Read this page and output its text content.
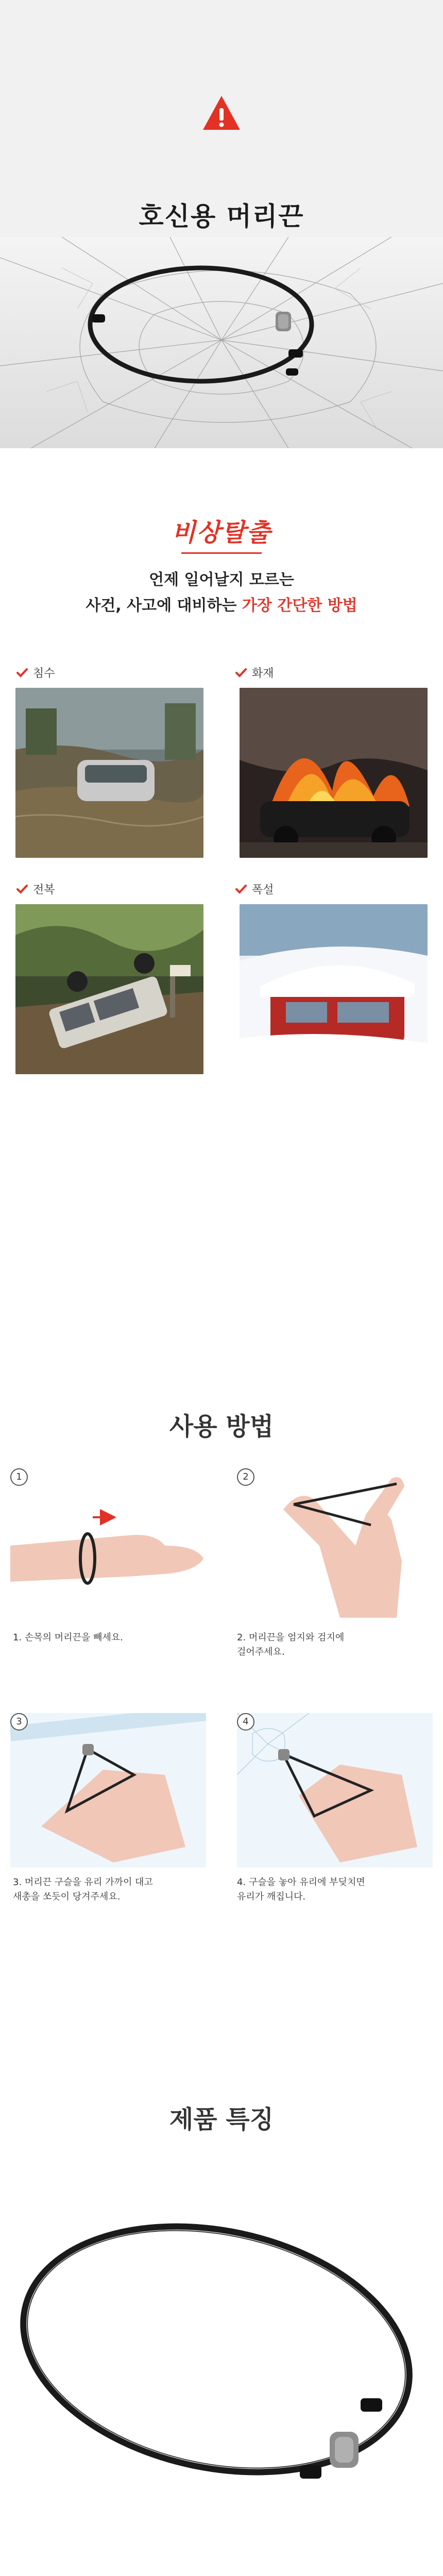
호신용 머리끈
비상탈출
언제 일어날지 모르는
사건, 사고에 대비하는 가장 간단한 방법
침수	화재
전복	폭설
사용 방법
1
1. 손목의 머리끈을 빼세요.
2
2. 머리끈을 엄지와 검지에
걸어주세요.
3
3. 머리끈 구슬을 유리 가까이 대고
새총을 쏘듯이 당겨주세요.
4
4. 구슬을 놓아 유리에 부딪치면
유리가 깨집니다.
제품 특징
